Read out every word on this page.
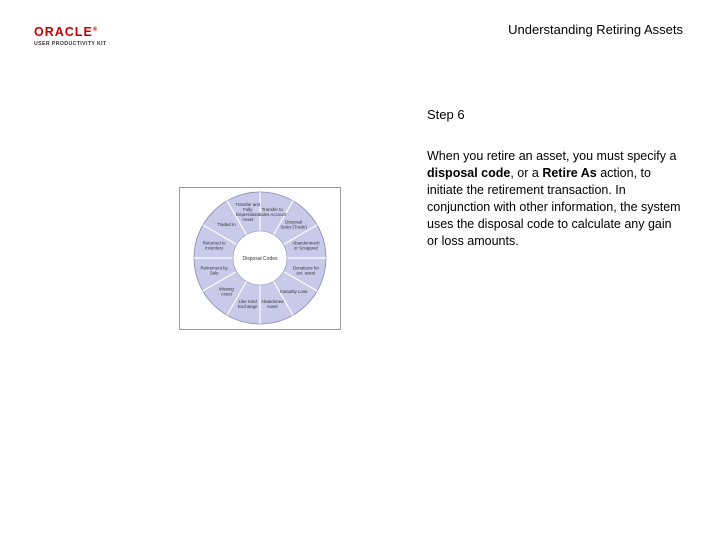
ORACLE®
USER PRODUCTIVITY KIT
Understanding Retiring Assets
Step 6
When you retire an asset, you must specify a disposal code, or a Retire As action, to initiate the retirement transaction. In conjunction with other information, the system uses the disposal code to calculate any gain or loss amounts.
Disposal Codes
Transfer to Sales Account
Disposal Sales (Trade)
Abandonment or Scrapped
Donations for ext. asset
Casualty Loss
Abandoned Asset
Like Kind Exchange
Missing Asset
Retirement by Sale
Returned to Inventory
Traded In
Transfer and Fully Depreciated Asset
